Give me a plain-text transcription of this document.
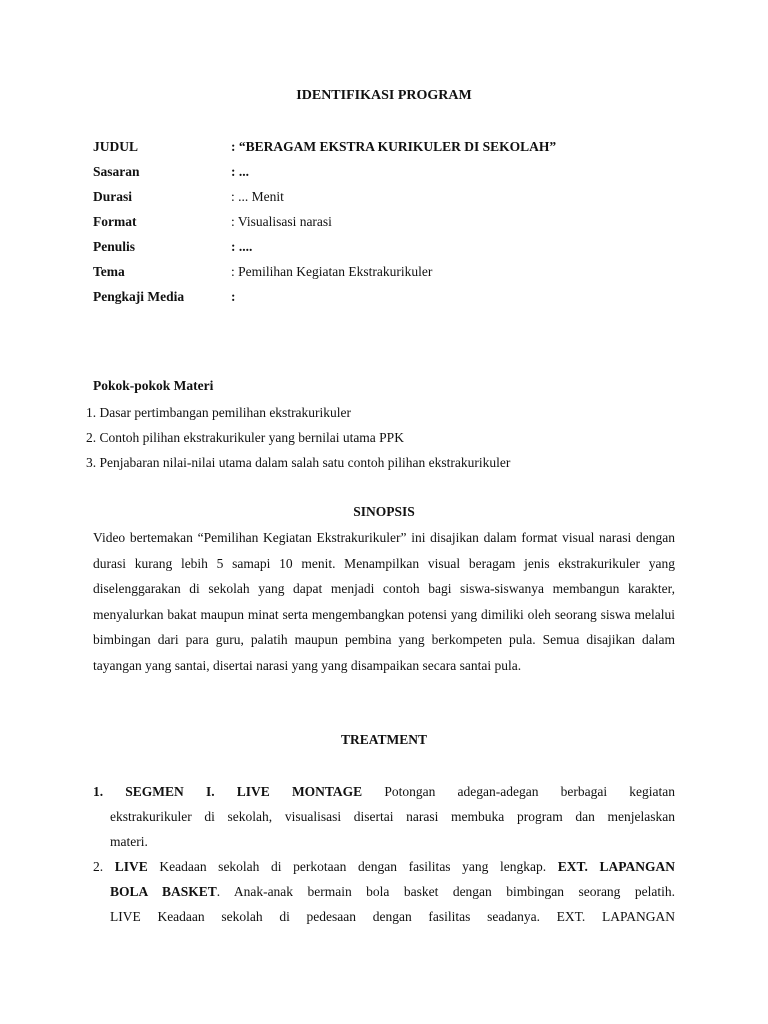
IDENTIFIKASI PROGRAM
JUDUL	: “BERAGAM EKSTRA KURIKULER DI SEKOLAH”
Sasaran	: ...
Durasi	: ... Menit
Format	: Visualisasi narasi
Penulis	: ....
Tema	: Pemilihan Kegiatan Ekstrakurikuler
Pengkaji Media	:
Pokok-pokok Materi
1. Dasar pertimbangan pemilihan ekstrakurikuler
2. Contoh pilihan ekstrakurikuler yang bernilai utama PPK
3. Penjabaran nilai-nilai utama dalam salah satu contoh pilihan ekstrakurikuler
SINOPSIS
Video bertemakan “Pemilihan Kegiatan Ekstrakurikuler” ini disajikan dalam format visual narasi dengan durasi kurang lebih 5 samapi 10 menit. Menampilkan visual beragam jenis ekstrakurikuler yang diselenggarakan di sekolah yang dapat menjadi contoh bagi siswa-siswanya membangun karakter, menyalurkan bakat maupun minat serta mengembangkan potensi yang dimiliki oleh seorang siswa melalui bimbingan dari para guru, palatih maupun pembina yang berkompeten pula. Semua disajikan dalam tayangan yang santai, disertai narasi yang yang disampaikan secara santai pula.
TREATMENT
1. SEGMEN I. LIVE MONTAGE Potongan adegan-adegan berbagai kegiatan
ekstrakurikuler di sekolah, visualisasi disertai narasi membuka program dan menjelaskan
materi.
2. LIVE Keadaan sekolah di perkotaan dengan fasilitas yang lengkap. EXT. LAPANGAN
BOLA BASKET. Anak-anak bermain bola basket dengan bimbingan seorang pelatih.
LIVE Keadaan sekolah di pedesaan dengan fasilitas seadanya. EXT. LAPANGAN
